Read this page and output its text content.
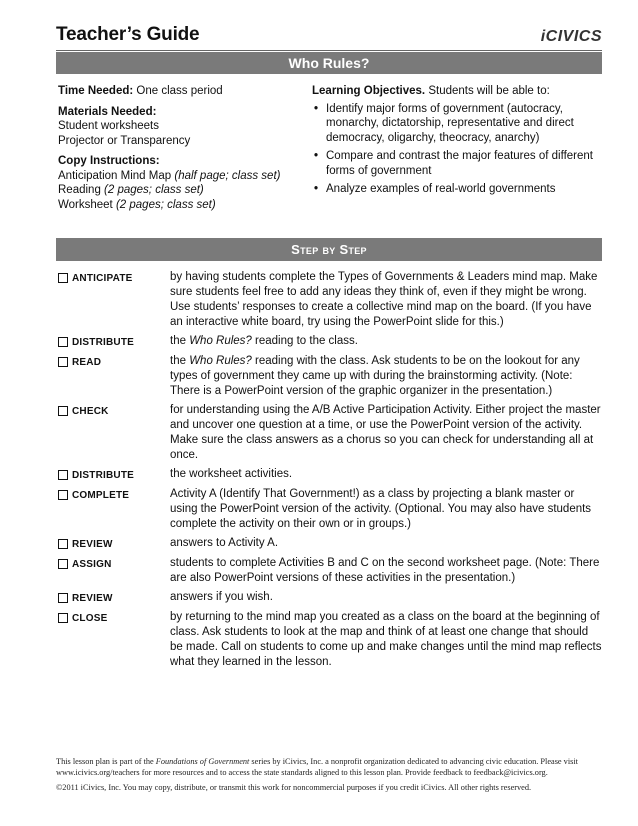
Teacher’s Guide	iCIVICS
Who Rules?
Time Needed: One class period
Materials Needed:
Student worksheets
Projector or Transparency
Copy Instructions:
Anticipation Mind Map (half page; class set)
Reading (2 pages; class set)
Worksheet (2 pages; class set)
Learning Objectives. Students will be able to:
• Identify major forms of government (autocracy, monarchy, dictatorship, representative and direct democracy, oligarchy, theocracy, anarchy)
• Compare and contrast the major features of different forms of government
• Analyze examples of real-world governments
Step by Step
ANTICIPATE	by having students complete the Types of Governments & Leaders mind map. Make sure students feel free to add any ideas they think of, even if they might be wrong. Use students’ responses to create a collective mind map on the board. (If you have an interactive white board, try using the PowerPoint slide for this.)
DISTRIBUTE	the Who Rules? reading to the class.
READ	the Who Rules? reading with the class. Ask students to be on the lookout for any types of government they came up with during the brainstorming activity. (Note: There is a PowerPoint version of the graphic organizer in the presentation.)
CHECK	for understanding using the A/B Active Participation Activity. Either project the master and uncover one question at a time, or use the PowerPoint version of the activity. Make sure the class answers as a chorus so you can check for understanding all at once.
DISTRIBUTE	the worksheet activities.
COMPLETE	Activity A (Identify That Government!) as a class by projecting a blank master or using the PowerPoint version of the activity. (Optional. You may also have students complete the activity on their own or in groups.)
REVIEW	answers to Activity A.
ASSIGN	students to complete Activities B and C on the second worksheet page. (Note: There are also PowerPoint versions of these activities in the presentation.)
REVIEW	answers if you wish.
CLOSE	by returning to the mind map you created as a class on the board at the beginning of class. Ask students to look at the map and think of at least one change that should be made. Call on students to come up and make changes until the mind map reflects what they learned in the lesson.

This lesson plan is part of the Foundations of Government series by iCivics, Inc. a nonprofit organization dedicated to advancing civic education. Please visit www.icivics.org/teachers for more resources and to access the state standards aligned to this lesson plan. Provide feedback to feedback@icivics.org.

©2011 iCivics, Inc. You may copy, distribute, or transmit this work for noncommercial purposes if you credit iCivics. All other rights reserved.
